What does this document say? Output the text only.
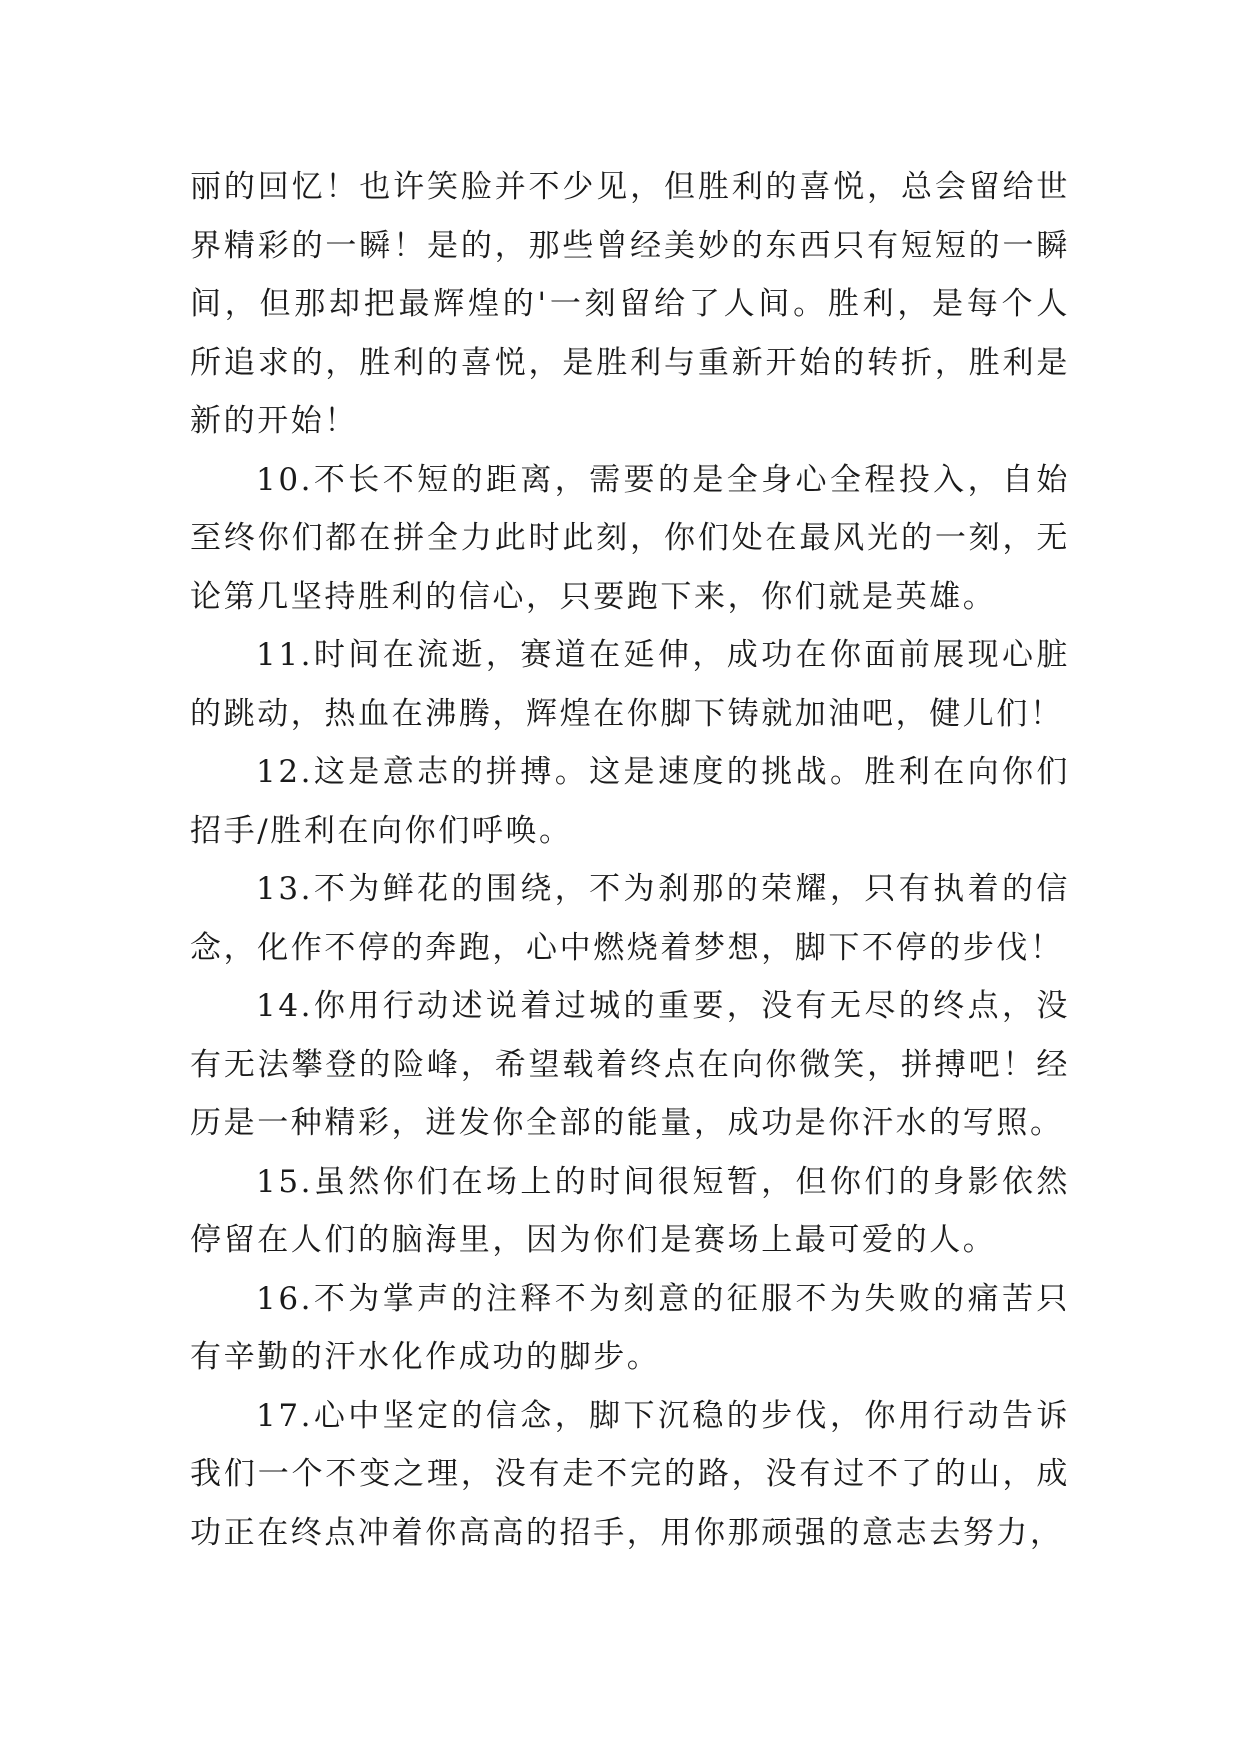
丽的回忆！也许笑脸并不少见，但胜利的喜悦，总会留给世界精彩的一瞬！是的，那些曾经美妙的东西只有短短的一瞬间，但那却把最辉煌的'一刻留给了人间。胜利，是每个人所追求的，胜利的喜悦，是胜利与重新开始的转折，胜利是新的开始！

10.不长不短的距离，需要的是全身心全程投入，自始至终你们都在拼全力此时此刻，你们处在最风光的一刻，无论第几坚持胜利的信心，只要跑下来，你们就是英雄。

11.时间在流逝，赛道在延伸，成功在你面前展现心脏的跳动，热血在沸腾，辉煌在你脚下铸就加油吧，健儿们！

12.这是意志的拼搏。这是速度的挑战。胜利在向你们招手/胜利在向你们呼唤。

13.不为鲜花的围绕，不为刹那的荣耀，只有执着的信念，化作不停的奔跑，心中燃烧着梦想，脚下不停的步伐！

14.你用行动述说着过城的重要，没有无尽的终点，没有无法攀登的险峰，希望载着终点在向你微笑，拼搏吧！经历是一种精彩，迸发你全部的能量，成功是你汗水的写照。

15.虽然你们在场上的时间很短暂，但你们的身影依然停留在人们的脑海里，因为你们是赛场上最可爱的人。

16.不为掌声的注释不为刻意的征服不为失败的痛苦只有辛勤的汗水化作成功的脚步。

17.心中坚定的信念，脚下沉稳的步伐，你用行动告诉我们一个不变之理，没有走不完的路，没有过不了的山，成功正在终点冲着你高高的招手，用你那顽强的意志去努力，
